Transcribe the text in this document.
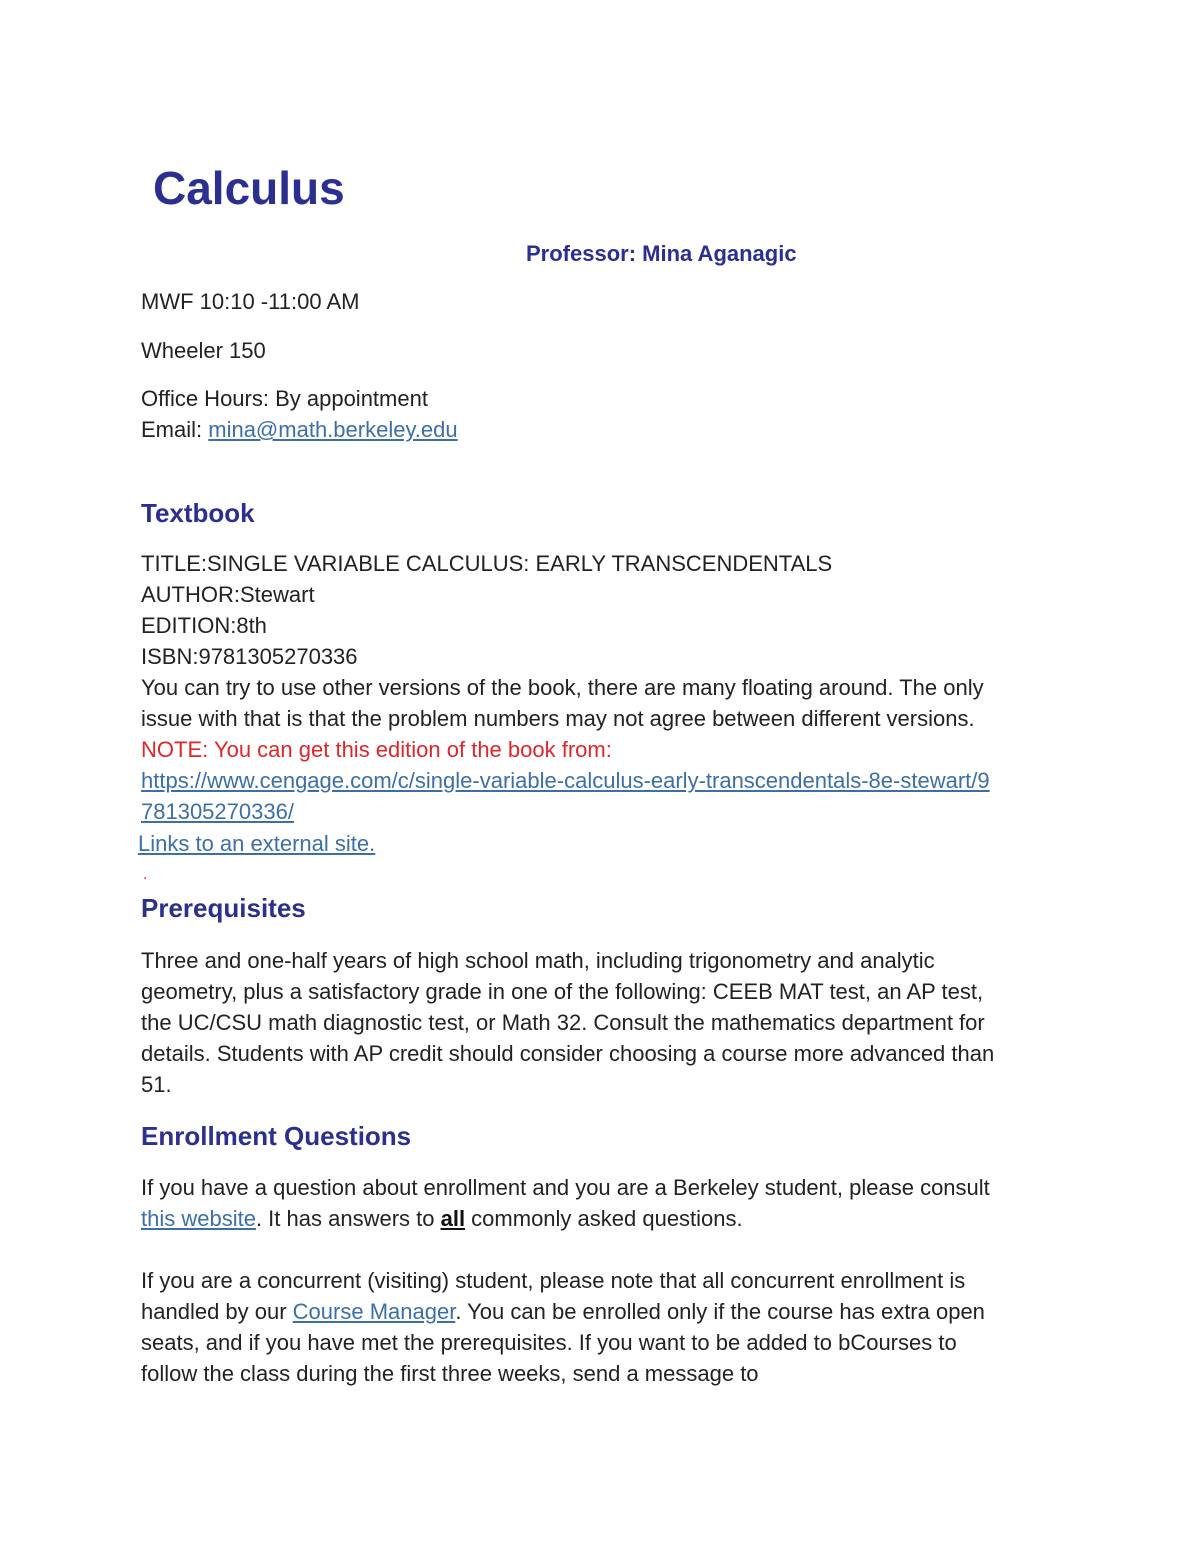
Calculus
Professor: Mina Aganagic
MWF 10:10 -11:00 AM
Wheeler 150
Office Hours: By appointment
Email: mina@math.berkeley.edu
Textbook
TITLE:SINGLE VARIABLE CALCULUS: EARLY TRANSCENDENTALS
AUTHOR:Stewart
EDITION:8th
ISBN:9781305270336
You can try to use other versions of the book, there are many floating around. The only
issue with that is that the problem numbers may not agree between different versions.
NOTE: You can get this edition of the book from:
https://www.cengage.com/c/single-variable-calculus-early-transcendentals-8e-stewart/9
781305270336/
Links to an external site.
.
Prerequisites
Three and one-half years of high school math, including trigonometry and analytic
geometry, plus a satisfactory grade in one of the following: CEEB MAT test, an AP test,
the UC/CSU math diagnostic test, or Math 32. Consult the mathematics department for
details. Students with AP credit should consider choosing a course more advanced than
51.
Enrollment Questions
If you have a question about enrollment and you are a Berkeley student, please consult
this website. It has answers to all commonly asked questions.
If you are a concurrent (visiting) student, please note that all concurrent enrollment is
handled by our Course Manager. You can be enrolled only if the course has extra open
seats, and if you have met the prerequisites. If you want to be added to bCourses to
follow the class during the first three weeks, send a message to
